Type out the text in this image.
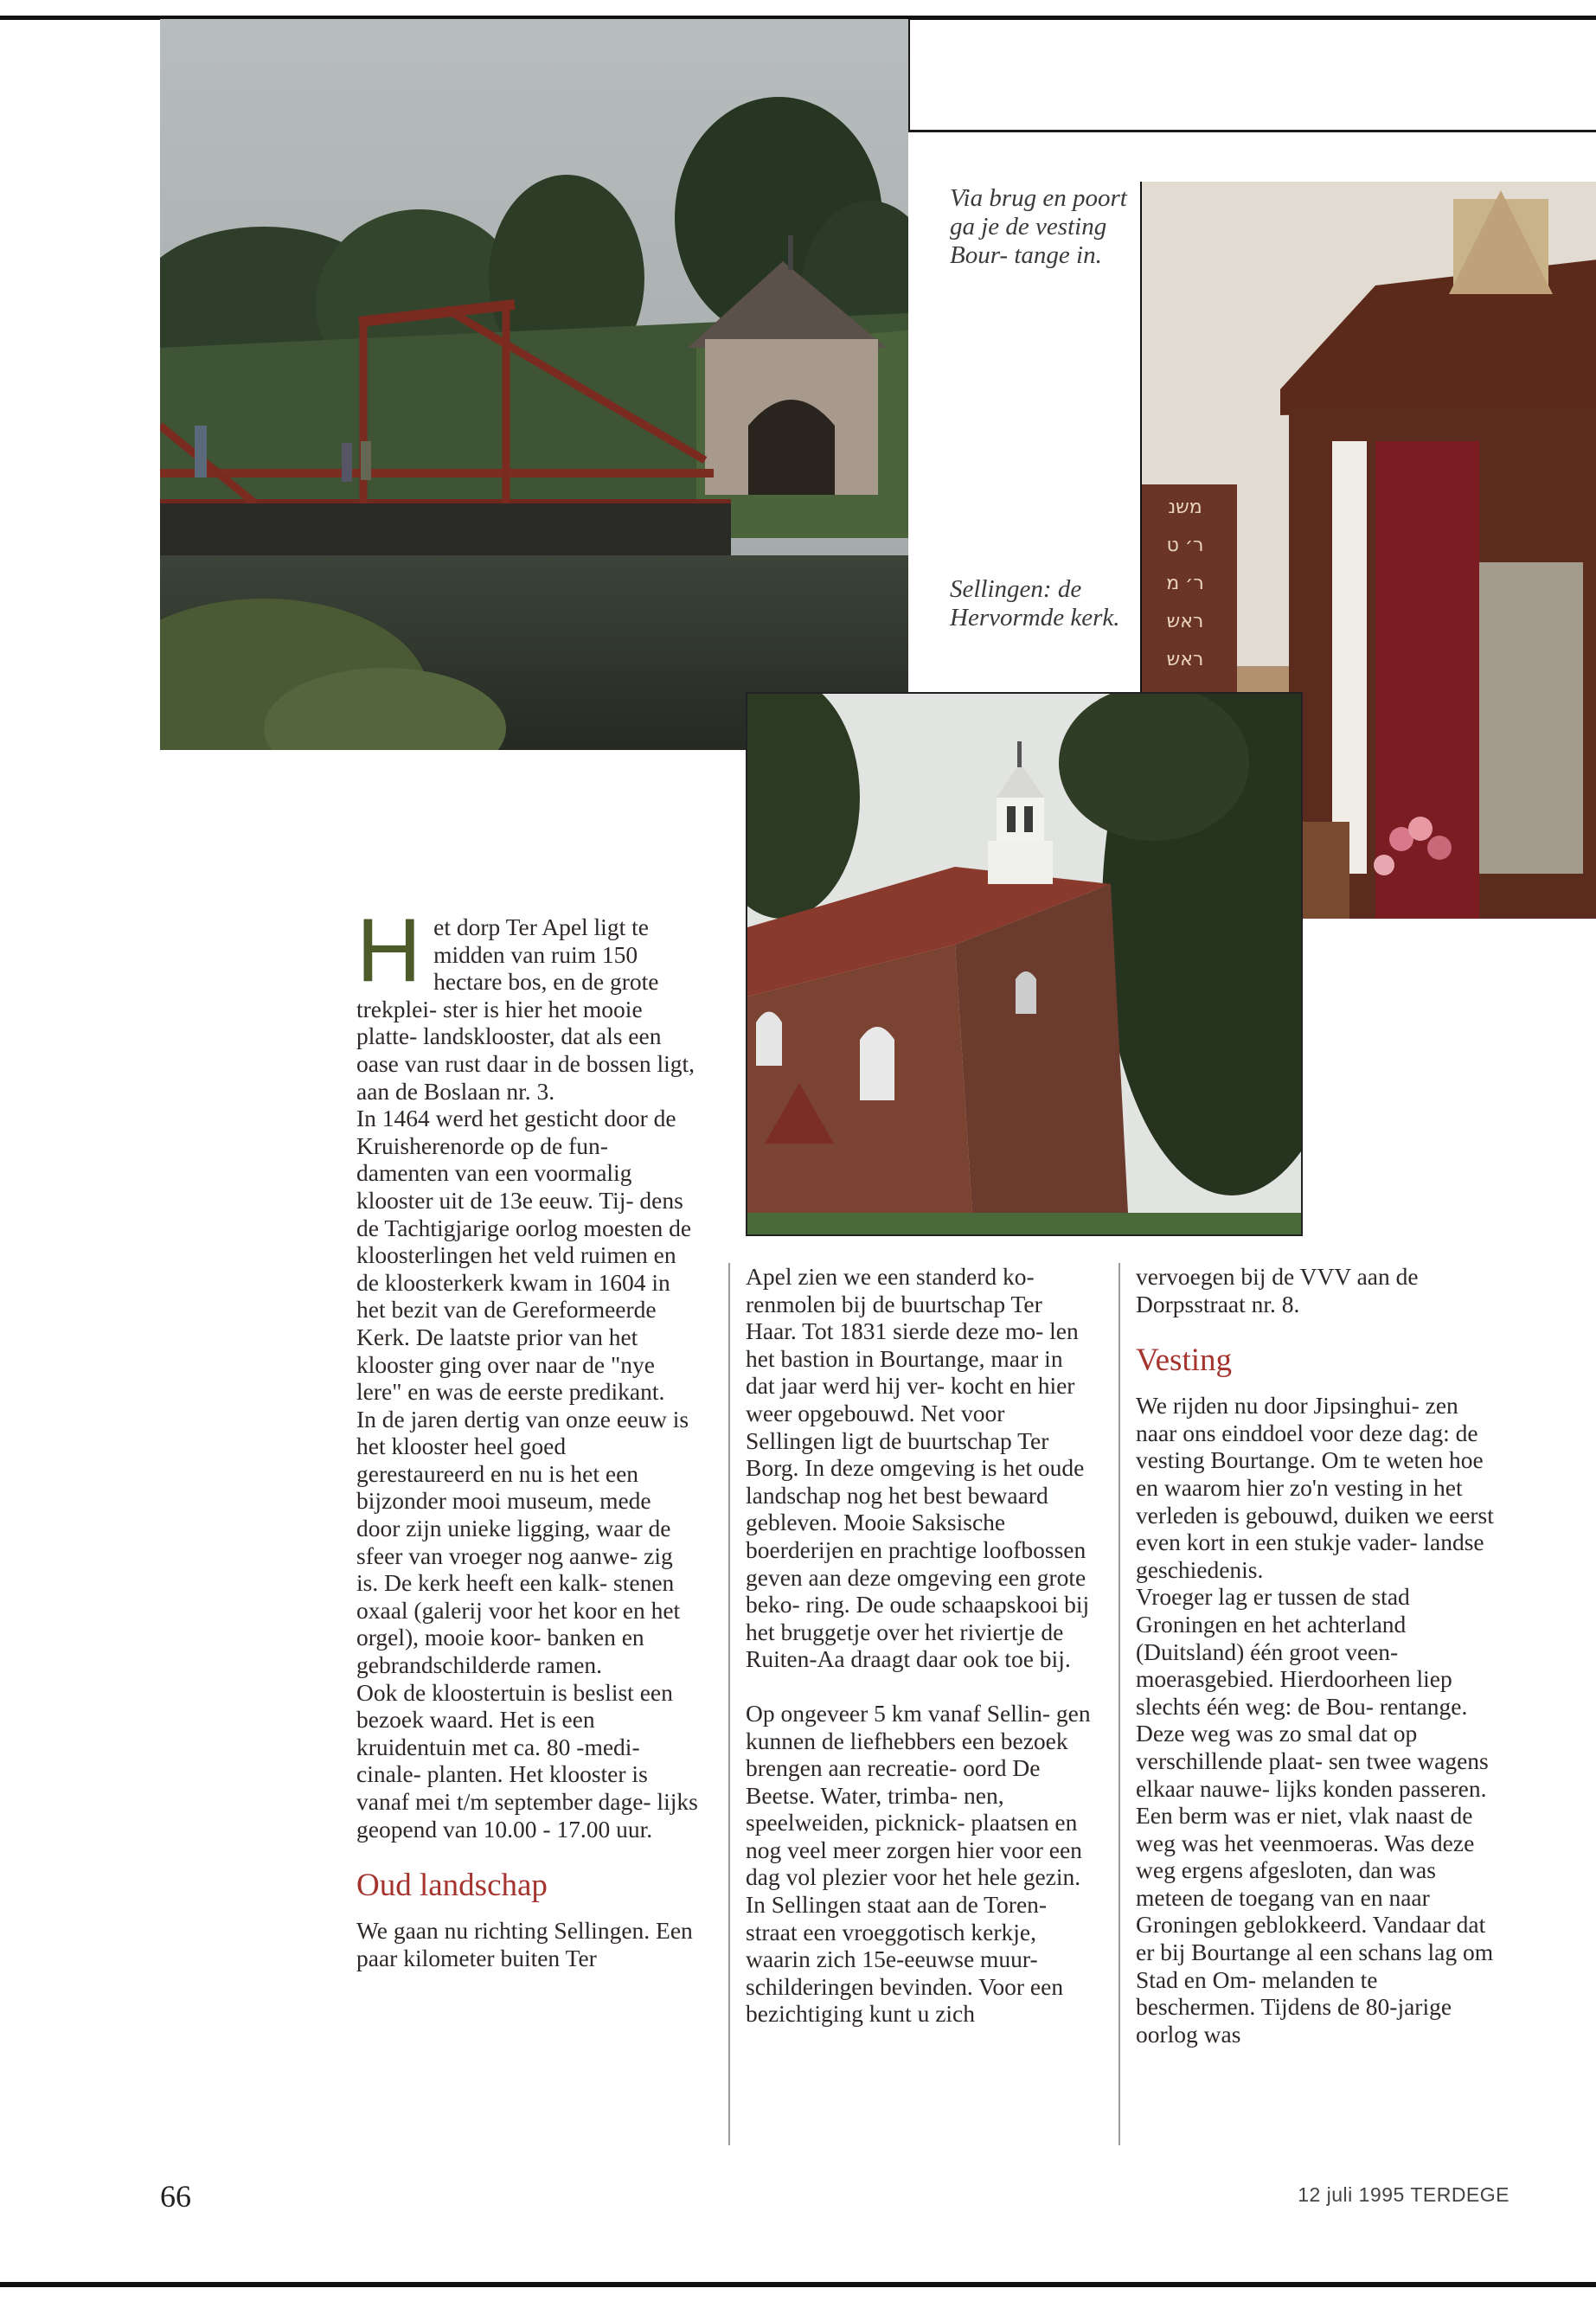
Via brug en poort ga je de vesting Bour- tange in.
Sellingen: de Hervormde kerk.
משנ
ר׳ ט
ר׳ מ
ראש
ראש
H et dorp Ter Apel ligt te midden van ruim 150 hectare bos, en de grote trekplei- ster is hier het mooie platte- landsklooster, dat als een oase van rust daar in de bossen ligt, aan de Boslaan nr. 3.

In 1464 werd het gesticht door de Kruisherenorde op de fun- damenten van een voormalig klooster uit de 13e eeuw. Tij- dens de Tachtigjarige oorlog moesten de kloosterlingen het veld ruimen en de kloosterkerk kwam in 1604 in het bezit van de Gereformeerde Kerk. De laatste prior van het klooster ging over naar de "nye lere" en was de eerste predikant.

In de jaren dertig van onze eeuw is het klooster heel goed gerestaureerd en nu is het een bijzonder mooi museum, mede door zijn unieke ligging, waar de sfeer van vroeger nog aanwe- zig is. De kerk heeft een kalk- stenen oxaal (galerij voor het koor en het orgel), mooie koor- banken en gebrandschilderde ramen.

Ook de kloostertuin is beslist een bezoek waard. Het is een kruidentuin met ca. 80 -medi- cinale- planten. Het klooster is vanaf mei t/m september dage- lijks geopend van 10.00 - 17.00 uur.

Oud landschap

We gaan nu richting Sellingen. Een paar kilometer buiten Ter

Apel zien we een standerd ko- renmolen bij de buurtschap Ter Haar. Tot 1831 sierde deze mo- len het bastion in Bourtange, maar in dat jaar werd hij ver- kocht en hier weer opgebouwd. Net voor Sellingen ligt de buurtschap Ter Borg. In deze omgeving is het oude landschap nog het best bewaard gebleven. Mooie Saksische boerderijen en prachtige loofbossen geven aan deze omgeving een grote beko- ring. De oude schaapskooi bij het bruggetje over het riviertje de Ruiten-Aa draagt daar ook toe bij.

Op ongeveer 5 km vanaf Sellin- gen kunnen de liefhebbers een bezoek brengen aan recreatie- oord De Beetse. Water, trimba- nen, speelweiden, picknick- plaatsen en nog veel meer zorgen hier voor een dag vol plezier voor het hele gezin.

In Sellingen staat aan de Toren- straat een vroeggotisch kerkje, waarin zich 15e-eeuwse muur- schilderingen bevinden. Voor een bezichtiging kunt u zich

vervoegen bij de VVV aan de Dorpsstraat nr. 8.

Vesting

We rijden nu door Jipsinghui- zen naar ons einddoel voor deze dag: de vesting Bourtange. Om te weten hoe en waarom hier zo'n vesting in het verleden is gebouwd, duiken we eerst even kort in een stukje vader- landse geschiedenis.

Vroeger lag er tussen de stad Groningen en het achterland (Duitsland) één groot veen- moerasgebied. Hierdoorheen liep slechts één weg: de Bou- rentange. Deze weg was zo smal dat op verschillende plaat- sen twee wagens elkaar nauwe- lijks konden passeren. Een berm was er niet, vlak naast de weg was het veenmoeras. Was deze weg ergens afgesloten, dan was meteen de toegang van en naar Groningen geblokkeerd. Vandaar dat er bij Bourtange al een schans lag om Stad en Om- melanden te beschermen. Tijdens de 80-jarige oorlog was

66	12 juli 1995 TERDEGE
